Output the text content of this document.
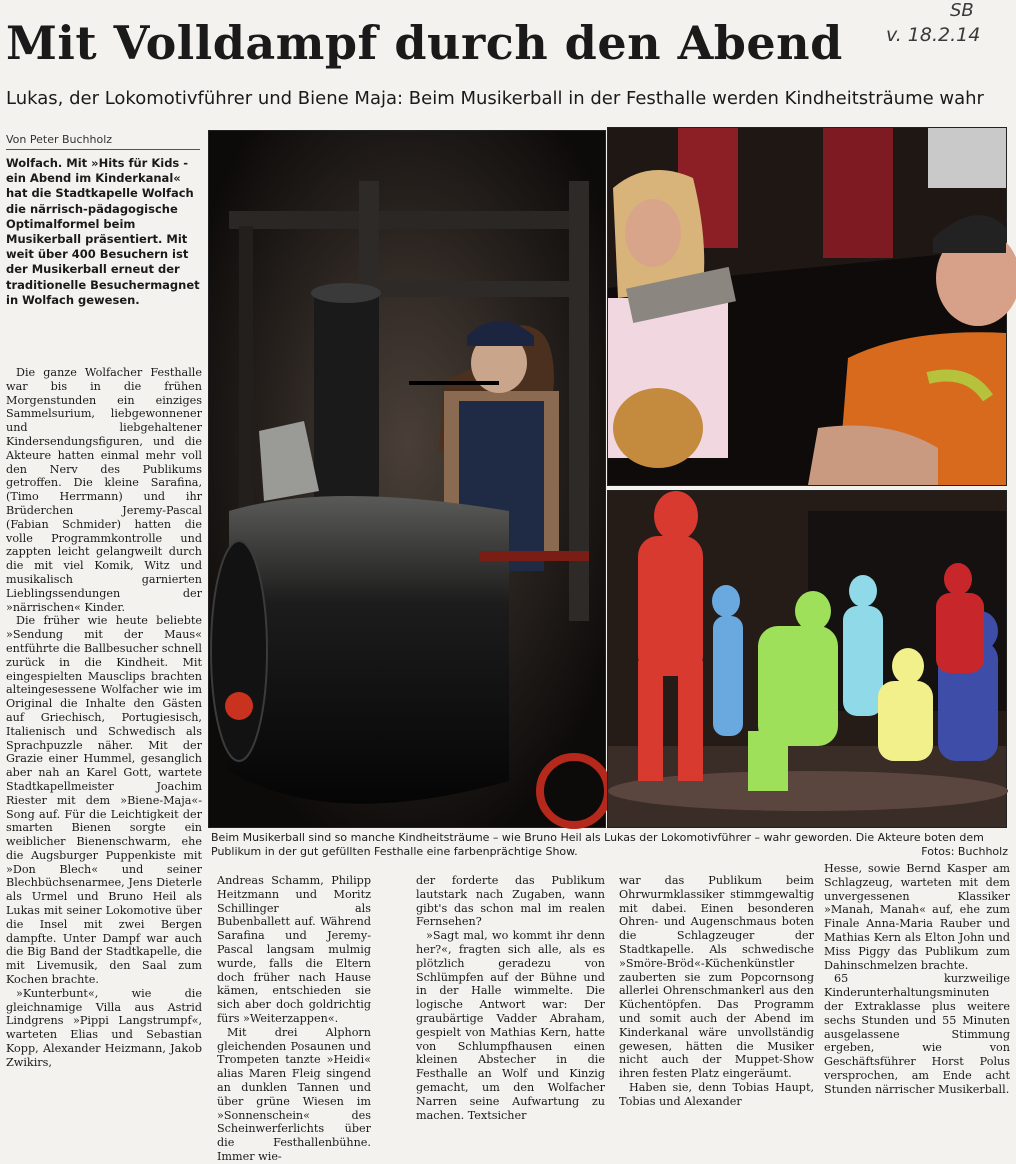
Mit Volldampf durch den Abend
SB
v. 18.2.14
Lukas, der Lokomotivführer und Biene Maja: Beim Musikerball in der Festhalle werden Kindheitsträume wahr
Von Peter Buchholz
Wolfach. Mit »Hits für Kids - ein Abend im Kinderkanal« hat die Stadtkapelle Wolfach die närrisch-pädagogische Optimalformel beim Musikerball präsentiert. Mit weit über 400 Besuchern ist der Musikerball erneut der traditionelle Besuchermagnet in Wolfach gewesen.

Die ganze Wolfacher Festhalle war bis in die frühen Morgenstunden ein einziges Sammelsurium, liebgewonnener und liebgehaltener Kindersendungsfiguren, und die Akteure hatten einmal mehr voll den Nerv des Publikums getroffen. Die kleine Sarafina, (Timo Herrmann) und ihr Brüderchen Jeremy-Pascal (Fabian Schmider) hatten die volle Programmkontrolle und zappten leicht gelangweilt durch die mit viel Komik, Witz und musikalisch garnierten Lieblingssendungen der »närrischen« Kinder.

Die früher wie heute beliebte »Sendung mit der Maus« entführte die Ballbesucher schnell zurück in die Kindheit. Mit eingespielten Mausclips brachten alteingesessene Wolfacher wie im Original die Inhalte den Gästen auf Griechisch, Portugiesisch, Italienisch und Schwedisch als Sprachpuzzle näher. Mit der Grazie einer Hummel, gesanglich aber nah an Karel Gott, wartete Stadtkapellmeister Joachim Riester mit dem »Biene-Maja«-Song auf. Für die Leichtigkeit der smarten Bienen sorgte ein weiblicher Bienenschwarm, ehe die Augsburger Puppenkiste mit »Don Blech« und seiner Blechbüchsenarmee, Jens Dieterle als Urmel und Bruno Heil als Lukas mit seiner Lokomotive über die Insel mit zwei Bergen dampfte. Unter Dampf war auch die Big Band der Stadtkapelle, die mit Livemusik, den Saal zum Kochen brachte.

»Kunterbunt«, wie die gleichnamige Villa aus Astrid Lindgrens »Pippi Langstrumpf«, warteten Elias und Sebastian Kopp, Alexander Heizmann, Jakob Zwikirs,

Beim Musikerball sind so manche Kindheitsträume – wie Bruno Heil als Lukas der Lokomotivführer – wahr geworden. Die Akteure boten dem Publikum in der gut gefüllten Festhalle eine farbenprächtige Show.	Fotos: Buchholz

Andreas Schamm, Philipp Heitzmann und Moritz Schillinger als Bubenballett auf. Während Sarafina und Jeremy-Pascal langsam mulmig wurde, falls die Eltern doch früher nach Hause kämen, entschieden sie sich aber doch goldrichtig fürs »Weiterzappen«.

Mit drei Alphorn gleichenden Posaunen und Trompeten tanzte »Heidi« alias Maren Fleig singend an dunklen Tannen und über grüne Wiesen im »Sonnenschein« des Scheinwerferlichts über die Festhallenbühne. Immer wie-

der forderte das Publikum lautstark nach Zugaben, wann gibt's das schon mal im realen Fernsehen?

»Sagt mal, wo kommt ihr denn her?«, fragten sich alle, als es plötzlich geradezu von Schlümpfen auf der Bühne und in der Halle wimmelte. Die logische Antwort war: Der graubärtige Vadder Abraham, gespielt von Mathias Kern, hatte von Schlumpfhausen einen kleinen Abstecher in die Festhalle an Wolf und Kinzig gemacht, um den Wolfacher Narren seine Aufwartung zu machen. Textsicher

war das Publikum beim Ohrwurmklassiker stimmgewaltig mit dabei. Einen besonderen Ohren- und Augenschmaus boten die Schlagzeuger der Stadtkapelle. Als schwedische »Smöre-Bröd«-Küchenkünstler zauberten sie zum Popcornsong allerlei Ohrenschmankerl aus den Küchentöpfen. Das Programm und somit auch der Abend im Kinderkanal wäre unvollständig gewesen, hätten die Musiker nicht auch der Muppet-Show ihren festen Platz eingeräumt.

Haben sie, denn Tobias Haupt, Tobias und Alexander

Hesse, sowie Bernd Kasper am Schlagzeug, warteten mit dem unvergessenen Klassiker »Manah, Manah« auf, ehe zum Finale Anna-Maria Rauber und Mathias Kern als Elton John und Miss Piggy das Publikum zum Dahinschmelzen brachte.

65 kurzweilige Kinderunterhaltungsminuten der Extraklasse plus weitere sechs Stunden und 55 Minuten ausgelassene Stimmung ergeben, wie von Geschäftsführer Horst Polus versprochen, am Ende acht Stunden närrischer Musikerball.
